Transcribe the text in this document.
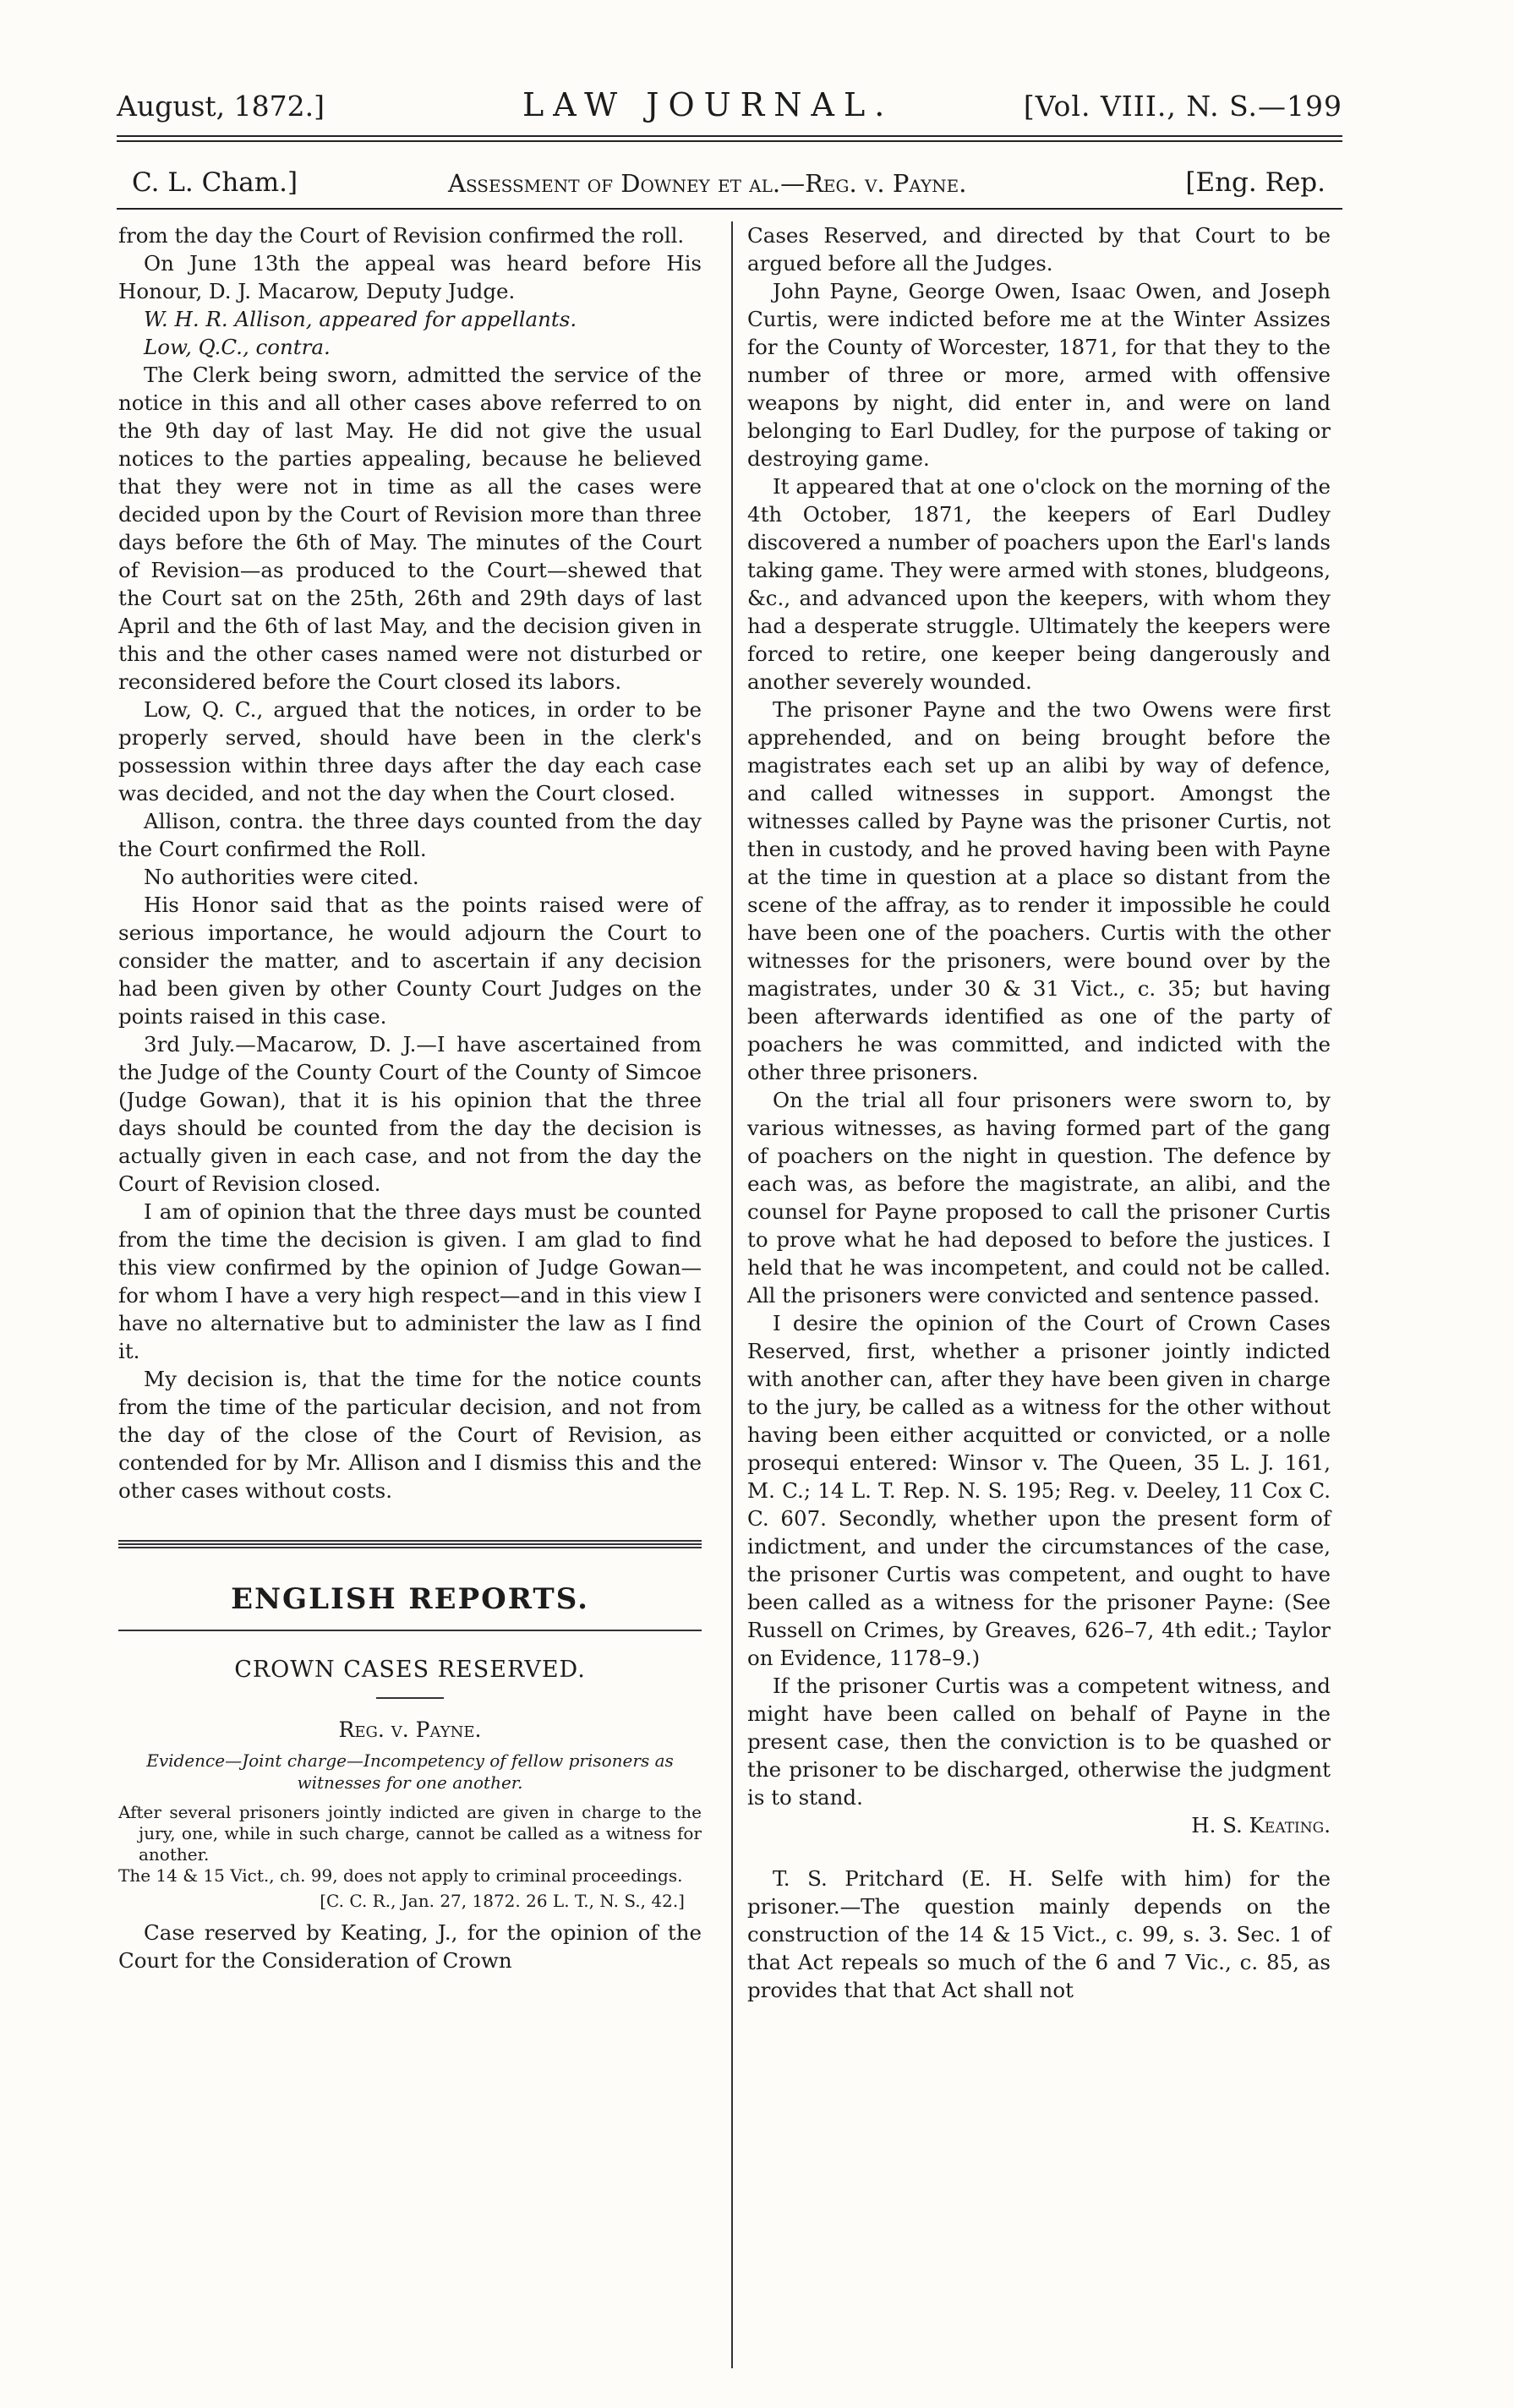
August, 1872.]	LAW JOURNAL.	[Vol. VIII., N. S.—199
C. L. Cham.]	Assessment of Downey et al.—Reg. v. Payne.	[Eng. Rep.

from the day the Court of Revision confirmed the roll.

On June 13th the appeal was heard before His Honour, D. J. Macarow, Deputy Judge.

W. H. R. Allison, appeared for appellants.

Low, Q.C., contra.

The Clerk being sworn, admitted the service of the notice in this and all other cases above referred to on the 9th day of last May. He did not give the usual notices to the parties appealing, because he believed that they were not in time as all the cases were decided upon by the Court of Revision more than three days before the 6th of May. The minutes of the Court of Revision—as produced to the Court—shewed that the Court sat on the 25th, 26th and 29th days of last April and the 6th of last May, and the decision given in this and the other cases named were not disturbed or reconsidered before the Court closed its labors.

Low, Q. C., argued that the notices, in order to be properly served, should have been in the clerk's possession within three days after the day each case was decided, and not the day when the Court closed.

Allison, contra. the three days counted from the day the Court confirmed the Roll.

No authorities were cited.

His Honor said that as the points raised were of serious importance, he would adjourn the Court to consider the matter, and to ascertain if any decision had been given by other County Court Judges on the points raised in this case.

3rd July.—Macarow, D. J.—I have ascertained from the Judge of the County Court of the County of Simcoe (Judge Gowan), that it is his opinion that the three days should be counted from the day the decision is actually given in each case, and not from the day the Court of Revision closed.

I am of opinion that the three days must be counted from the time the decision is given. I am glad to find this view confirmed by the opinion of Judge Gowan—for whom I have a very high respect—and in this view I have no alternative but to administer the law as I find it.

My decision is, that the time for the notice counts from the time of the particular decision, and not from the day of the close of the Court of Revision, as contended for by Mr. Allison and I dismiss this and the other cases without costs.

ENGLISH REPORTS.
CROWN CASES RESERVED.
Reg. v. Payne.
Evidence—Joint charge—Incompetency of fellow prisoners as witnesses for one another.

After several prisoners jointly indicted are given in charge to the jury, one, while in such charge, cannot be called as a witness for another.

The 14 & 15 Vict., ch. 99, does not apply to criminal proceedings.

[C. C. R., Jan. 27, 1872. 26 L. T., N. S., 42.]

Case reserved by Keating, J., for the opinion of the Court for the Consideration of Crown

Cases Reserved, and directed by that Court to be argued before all the Judges.

John Payne, George Owen, Isaac Owen, and Joseph Curtis, were indicted before me at the Winter Assizes for the County of Worcester, 1871, for that they to the number of three or more, armed with offensive weapons by night, did enter in, and were on land belonging to Earl Dudley, for the purpose of taking or destroying game.

It appeared that at one o'clock on the morning of the 4th October, 1871, the keepers of Earl Dudley discovered a number of poachers upon the Earl's lands taking game. They were armed with stones, bludgeons, &c., and advanced upon the keepers, with whom they had a desperate struggle. Ultimately the keepers were forced to retire, one keeper being dangerously and another severely wounded.

The prisoner Payne and the two Owens were first apprehended, and on being brought before the magistrates each set up an alibi by way of defence, and called witnesses in support. Amongst the witnesses called by Payne was the prisoner Curtis, not then in custody, and he proved having been with Payne at the time in question at a place so distant from the scene of the affray, as to render it impossible he could have been one of the poachers. Curtis with the other witnesses for the prisoners, were bound over by the magistrates, under 30 & 31 Vict., c. 35; but having been afterwards identified as one of the party of poachers he was committed, and indicted with the other three prisoners.

On the trial all four prisoners were sworn to, by various witnesses, as having formed part of the gang of poachers on the night in question. The defence by each was, as before the magistrate, an alibi, and the counsel for Payne proposed to call the prisoner Curtis to prove what he had deposed to before the justices. I held that he was incompetent, and could not be called. All the prisoners were convicted and sentence passed.

I desire the opinion of the Court of Crown Cases Reserved, first, whether a prisoner jointly indicted with another can, after they have been given in charge to the jury, be called as a witness for the other without having been either acquitted or convicted, or a nolle prosequi entered: Winsor v. The Queen, 35 L. J. 161, M. C.; 14 L. T. Rep. N. S. 195; Reg. v. Deeley, 11 Cox C. C. 607. Secondly, whether upon the present form of indictment, and under the circumstances of the case, the prisoner Curtis was competent, and ought to have been called as a witness for the prisoner Payne: (See Russell on Crimes, by Greaves, 626–7, 4th edit.; Taylor on Evidence, 1178–9.)

If the prisoner Curtis was a competent witness, and might have been called on behalf of Payne in the present case, then the conviction is to be quashed or the prisoner to be discharged, otherwise the judgment is to stand.

H. S. Keating.

T. S. Pritchard (E. H. Selfe with him) for the prisoner.—The question mainly depends on the construction of the 14 & 15 Vict., c. 99, s. 3. Sec. 1 of that Act repeals so much of the 6 and 7 Vic., c. 85, as provides that that Act shall not
